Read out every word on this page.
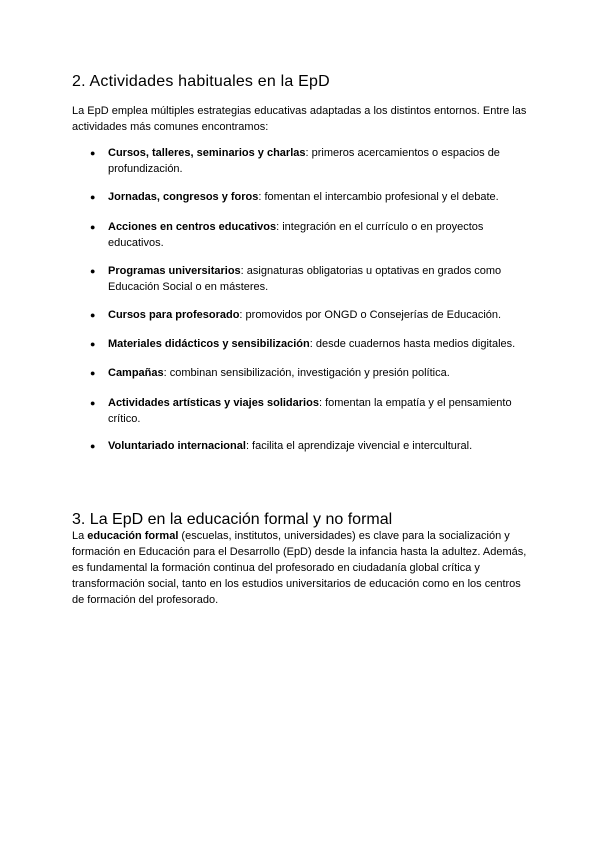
2. Actividades habituales en la EpD

La EpD emplea múltiples estrategias educativas adaptadas a los distintos entornos. Entre las actividades más comunes encontramos:

●	Cursos, talleres, seminarios y charlas: primeros acercamientos o espacios de profundización.
●	Jornadas, congresos y foros: fomentan el intercambio profesional y el debate.
●	Acciones en centros educativos: integración en el currículo o en proyectos educativos.
●	Programas universitarios: asignaturas obligatorias u optativas en grados como Educación Social o en másteres.
●	Cursos para profesorado: promovidos por ONGD o Consejerías de Educación.
●	Materiales didácticos y sensibilización: desde cuadernos hasta medios digitales.
●	Campañas: combinan sensibilización, investigación y presión política.
●	Actividades artísticas y viajes solidarios: fomentan la empatía y el pensamiento crítico.
●	Voluntariado internacional: facilita el aprendizaje vivencial e intercultural.
3. La EpD en la educación formal y no formal

La educación formal (escuelas, institutos, universidades) es clave para la socialización y formación en Educación para el Desarrollo (EpD) desde la infancia hasta la adultez. Además, es fundamental la formación continua del profesorado en ciudadanía global crítica y transformación social, tanto en los estudios universitarios de educación como en los centros de formación del profesorado.
